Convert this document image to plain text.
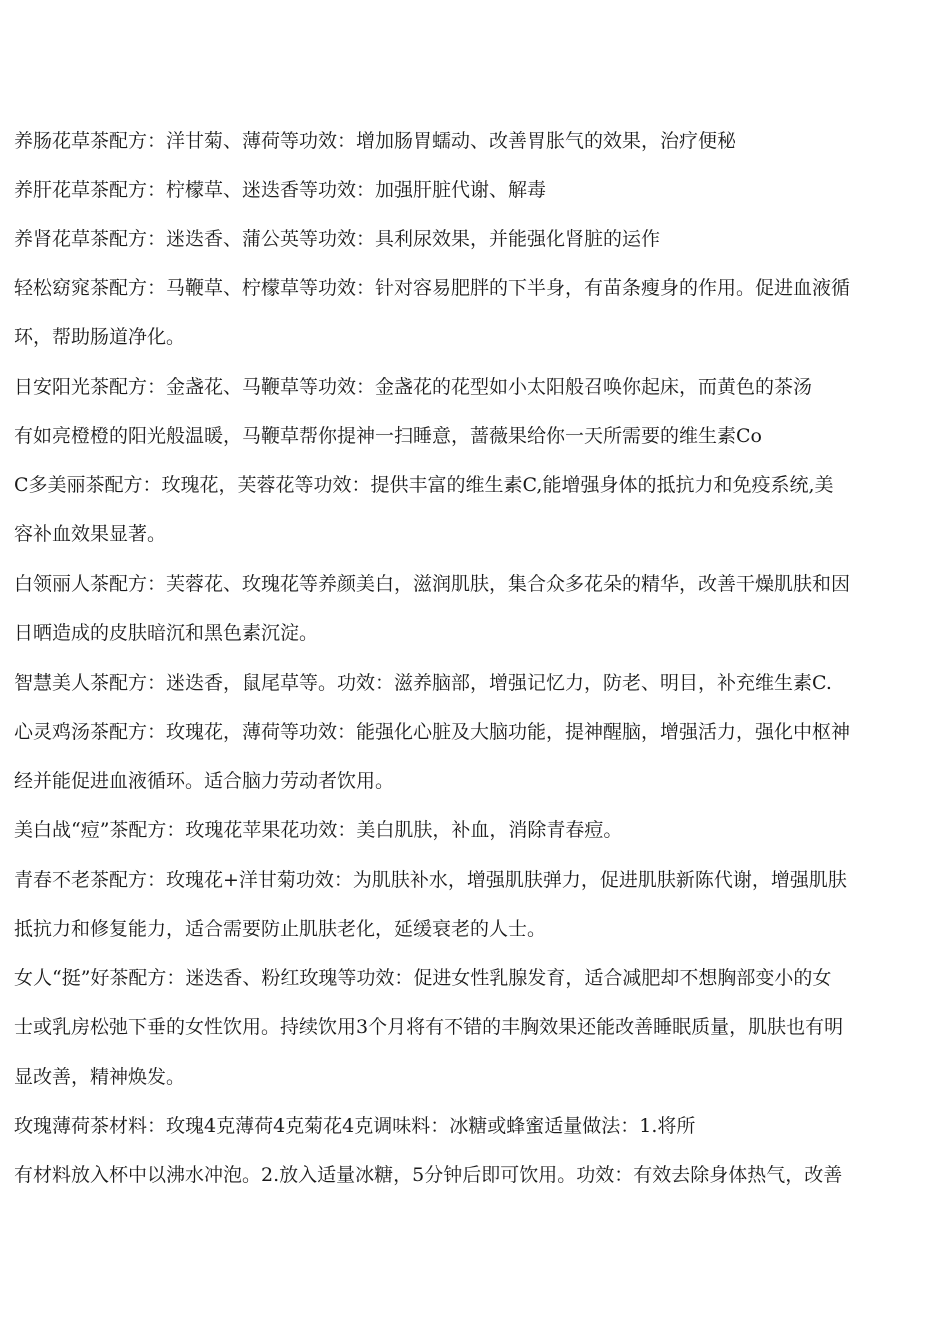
养肠花草茶配方：洋甘菊、薄荷等功效：增加肠胃蠕动、改善胃胀气的效果，治疗便秘
养肝花草茶配方：柠檬草、迷迭香等功效：加强肝脏代谢、解毒
养肾花草茶配方：迷迭香、蒲公英等功效：具利尿效果，并能强化肾脏的运作
轻松窈窕茶配方：马鞭草、柠檬草等功效：针对容易肥胖的下半身，有苗条瘦身的作用。促进血液循
环，帮助肠道净化。
日安阳光茶配方：金盏花、马鞭草等功效：金盏花的花型如小太阳般召唤你起床，而黄色的茶汤
有如亮橙橙的阳光般温暖，马鞭草帮你提神一扫睡意，蔷薇果给你一天所需要的维生素Co
C多美丽茶配方：玫瑰花，芙蓉花等功效：提供丰富的维生素C,能增强身体的抵抗力和免疫系统,美
容补血效果显著。
白领丽人茶配方：芙蓉花、玫瑰花等养颜美白，滋润肌肤，集合众多花朵的精华，改善干燥肌肤和因
日晒造成的皮肤暗沉和黑色素沉淀。
智慧美人茶配方：迷迭香，鼠尾草等。功效：滋养脑部，增强记忆力，防老、明目，补充维生素C.
心灵鸡汤茶配方：玫瑰花，薄荷等功效：能强化心脏及大脑功能，提神醒脑，增强活力，强化中枢神
经并能促进血液循环。适合脑力劳动者饮用。
美白战“痘”茶配方：玫瑰花苹果花功效：美白肌肤，补血，消除青春痘。
青春不老茶配方：玫瑰花+洋甘菊功效：为肌肤补水，增强肌肤弹力，促进肌肤新陈代谢，增强肌肤
抵抗力和修复能力，适合需要防止肌肤老化，延缓衰老的人士。
女人“挺”好茶配方：迷迭香、粉红玫瑰等功效：促进女性乳腺发育，适合减肥却不想胸部变小的女
士或乳房松弛下垂的女性饮用。持续饮用3个月将有不错的丰胸效果还能改善睡眠质量，肌肤也有明
显改善，精神焕发。
玫瑰薄荷茶材料：玫瑰4克薄荷4克菊花4克调味料：冰糖或蜂蜜适量做法：1.将所
有材料放入杯中以沸水冲泡。2.放入适量冰糖，5分钟后即可饮用。功效：有效去除身体热气，改善
